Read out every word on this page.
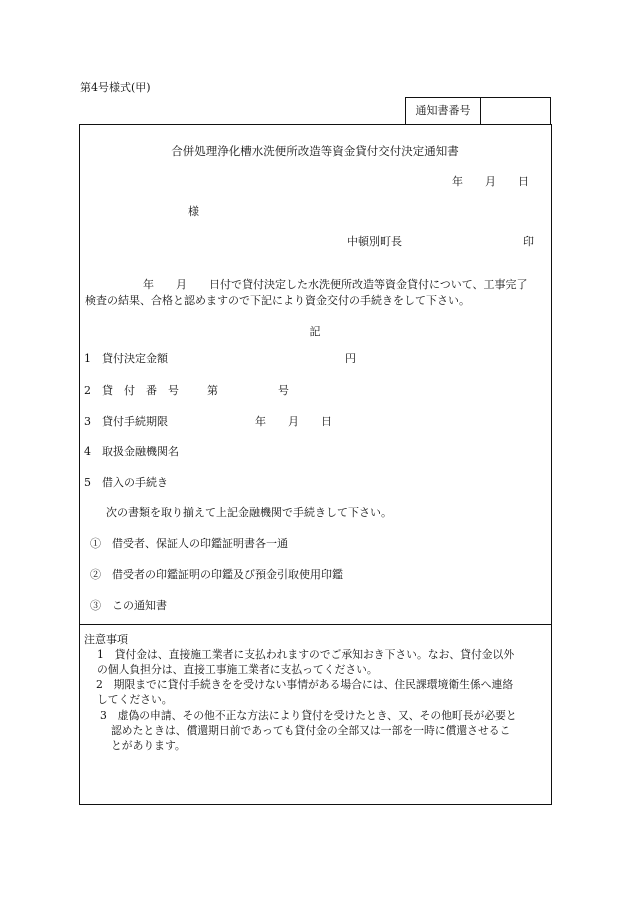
第4号様式(甲)
通知書番号
合併処理浄化槽水洗便所改造等資金貸付交付決定通知書
年　　月　　日
様
中頓別町長	印
年　　月　　日付で貸付決定した水洗便所改造等資金貸付について、工事完了
検査の結果、合格と認めますので下記により資金交付の手続きをして下さい。
記
1　貸付決定金額	円
2　貸　付　番　号	第	号
3　貸付手続期限	年　　月　　日
4　取扱金融機関名
5　借入の手続き
次の書類を取り揃えて上記金融機関で手続きして下さい。
①　借受者、保証人の印鑑証明書各一通
②　借受者の印鑑証明の印鑑及び預金引取使用印鑑
③　この通知書
注意事項
1　貸付金は、直接施工業者に支払われますのでご承知おき下さい。なお、貸付金以外
の個人負担分は、直接工事施工業者に支払ってください。
2　期限までに貸付手続きをを受けない事情がある場合には、住民課環境衛生係へ連絡
してください。
3　虚偽の申請、その他不正な方法により貸付を受けたとき、又、その他町長が必要と
認めたときは、償還期日前であっても貸付金の全部又は一部を一時に償還させるこ
とがあります。
